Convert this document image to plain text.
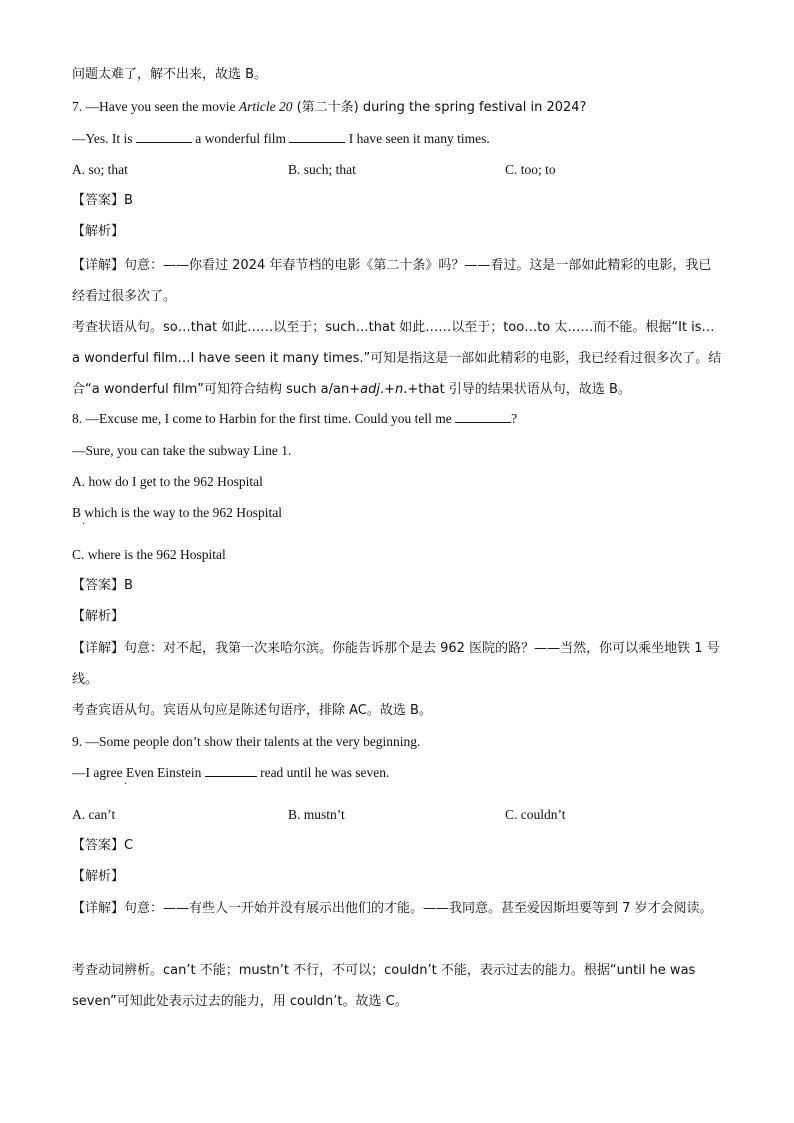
问题太难了，解不出来，故选 B。
7. —Have you seen the movie Article 20 (第二十条) during the spring festival in 2024?
—Yes. It is	a wonderful film	I have seen it many times.
A. so; that	B. such; that	C. too; to
【答案】B
【解析】
【详解】句意：——你看过 2024 年春节档的电影《第二十条》吗？——看过。这是一部如此精彩的电影，我已经看过很多次了。
考查状语从句。so…that 如此……以至于；such…that 如此……以至于；too…to 太……而不能。根据“It is…a wonderful film…I have seen it many times.”可知是指这是一部如此精彩的电影，我已经看过很多次了。结合“a wonderful film”可知符合结构 such a/an+adj.+n.+that 引导的结果状语从句，故选 B。
8. —Excuse me, I come to Harbin for the first time. Could you tell me	?
—Sure, you can take the subway Line 1.
A. how do I get to the 962 Hospital
B which is the way to the 962 Hospital
·
C. where is the 962 Hospital
【答案】B
【解析】
【详解】句意：对不起，我第一次来哈尔滨。你能告诉那个是去 962 医院的路？——当然，你可以乘坐地铁 1 号线。
考查宾语从句。宾语从句应是陈述句语序，排除 AC。故选 B。
9. —Some people don’t show their talents at the very beginning.
—I agree Even Einstein	read until he was seven.
·
A. can’t	B. mustn’t	C. couldn’t
【答案】C
【解析】
【详解】句意：——有些人一开始并没有展示出他们的才能。——我同意。甚至爱因斯坦要等到 7 岁才会阅读。
考查动词辨析。can’t 不能；mustn’t 不行，不可以；couldn’t 不能，表示过去的能力。根据“until he was seven”可知此处表示过去的能力，用 couldn’t。故选 C。
